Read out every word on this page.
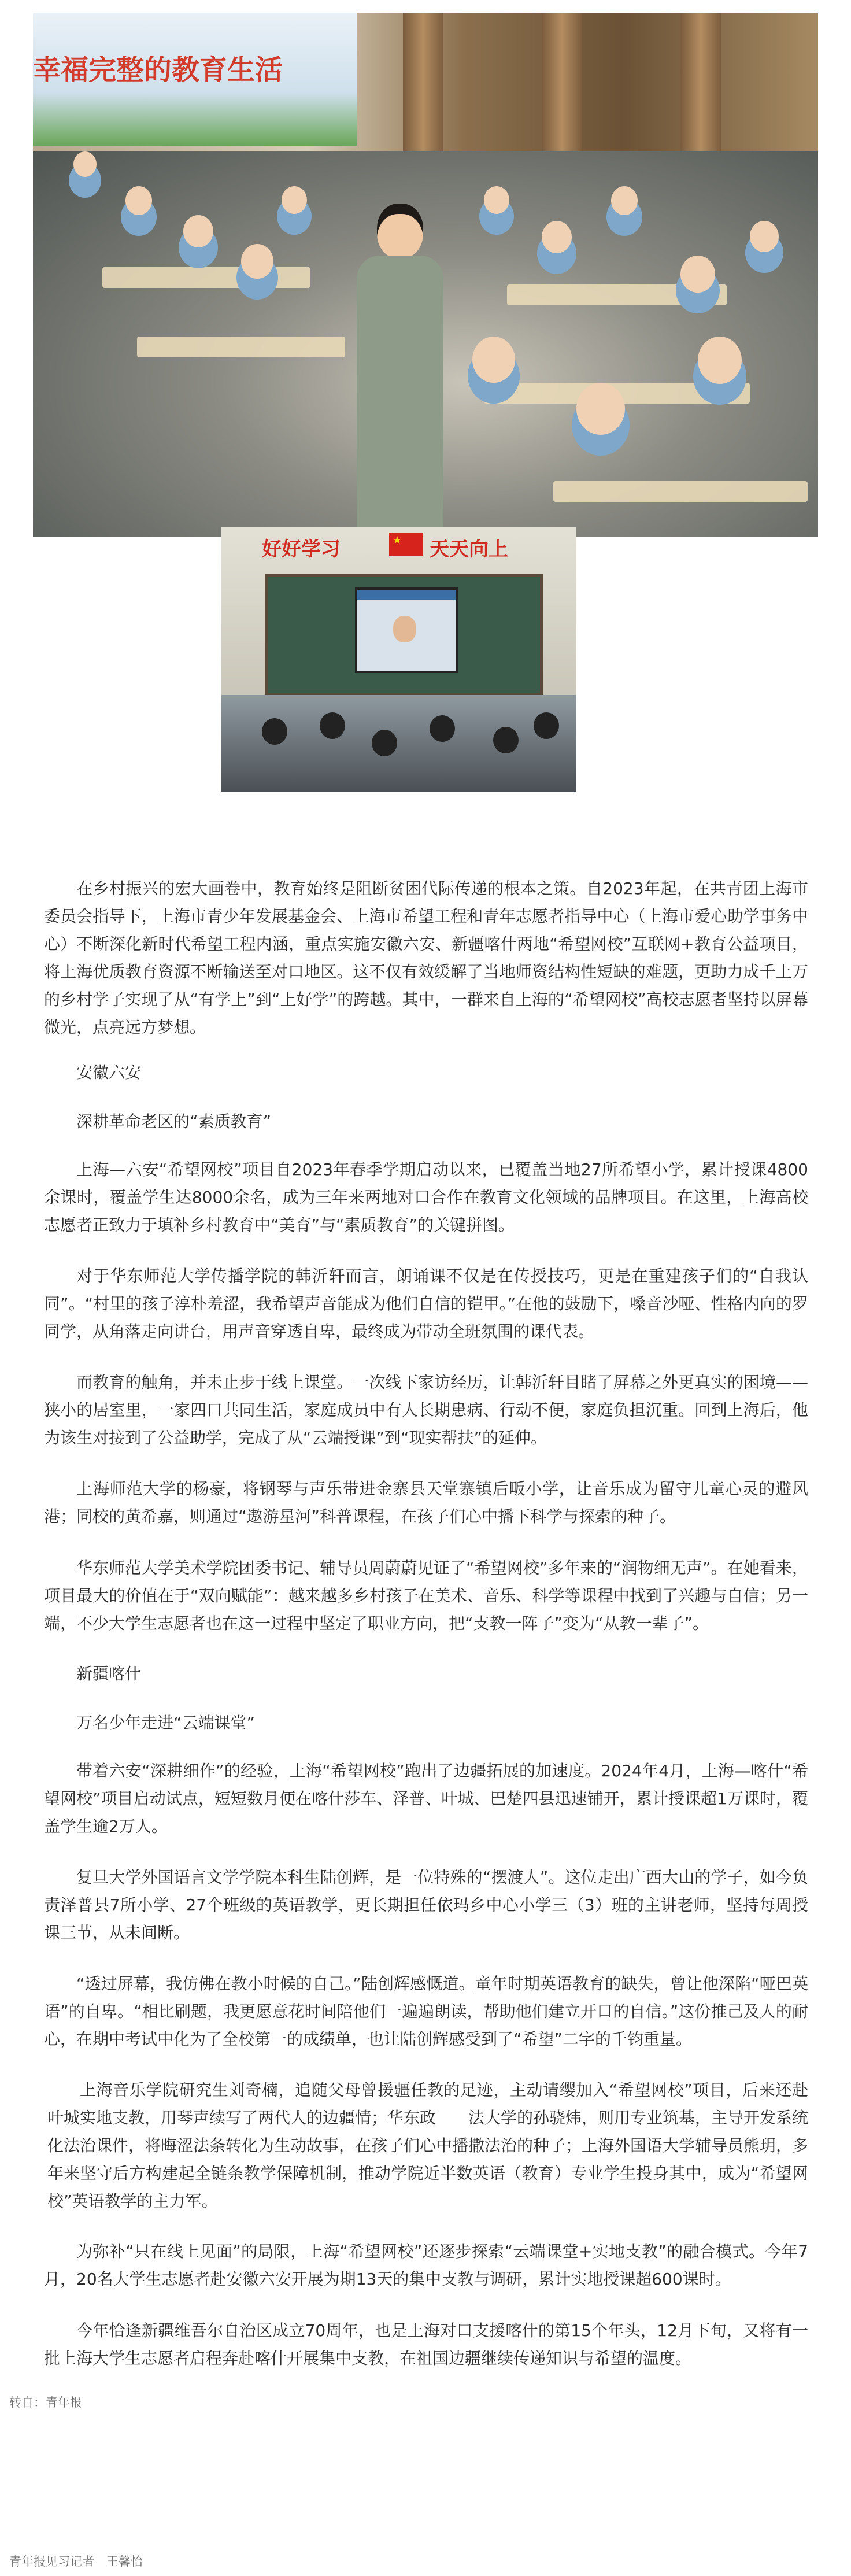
幸福完整的教育生活
好好学习
★	天天向上

在乡村振兴的宏大画卷中，教育始终是阻断贫困代际传递的根本之策。自2023年起，在共青团上海市委员会指导下，上海市青少年发展基金会、上海市希望工程和青年志愿者指导中心（上海市爱心助学事务中心）不断深化新时代希望工程内涵，重点实施安徽六安、新疆喀什两地“希望网校”互联网+教育公益项目，将上海优质教育资源不断输送至对口地区。这不仅有效缓解了当地师资结构性短缺的难题，更助力成千上万的乡村学子实现了从“有学上”到“上好学”的跨越。其中，一群来自上海的“希望网校”高校志愿者坚持以屏幕微光，点亮远方梦想。

安徽六安

深耕革命老区的“素质教育”

上海—六安“希望网校”项目自2023年春季学期启动以来，已覆盖当地27所希望小学，累计授课4800余课时，覆盖学生达8000余名，成为三年来两地对口合作在教育文化领域的品牌项目。在这里，上海高校志愿者正致力于填补乡村教育中“美育”与“素质教育”的关键拼图。

对于华东师范大学传播学院的韩沂轩而言，朗诵课不仅是在传授技巧，更是在重建孩子们的“自我认同”。“村里的孩子淳朴羞涩，我希望声音能成为他们自信的铠甲。”在他的鼓励下，嗓音沙哑、性格内向的罗同学，从角落走向讲台，用声音穿透自卑，最终成为带动全班氛围的课代表。

而教育的触角，并未止步于线上课堂。一次线下家访经历，让韩沂轩目睹了屏幕之外更真实的困境——狭小的居室里，一家四口共同生活，家庭成员中有人长期患病、行动不便，家庭负担沉重。回到上海后，他为该生对接到了公益助学，完成了从“云端授课”到“现实帮扶”的延伸。

上海师范大学的杨豪，将钢琴与声乐带进金寨县天堂寨镇后畈小学，让音乐成为留守儿童心灵的避风港；同校的黄希嘉，则通过“遨游星河”科普课程，在孩子们心中播下科学与探索的种子。

华东师范大学美术学院团委书记、辅导员周蔚蔚见证了“希望网校”多年来的“润物细无声”。在她看来，项目最大的价值在于“双向赋能”：越来越多乡村孩子在美术、音乐、科学等课程中找到了兴趣与自信；另一端，不少大学生志愿者也在这一过程中坚定了职业方向，把“支教一阵子”变为“从教一辈子”。

新疆喀什

万名少年走进“云端课堂”

带着六安“深耕细作”的经验，上海“希望网校”跑出了边疆拓展的加速度。2024年4月，上海—喀什“希望网校”项目启动试点，短短数月便在喀什莎车、泽普、叶城、巴楚四县迅速铺开，累计授课超1万课时，覆盖学生逾2万人。

复旦大学外国语言文学学院本科生陆创辉，是一位特殊的“摆渡人”。这位走出广西大山的学子，如今负责泽普县7所小学、27个班级的英语教学，更长期担任依玛乡中心小学三（3）班的主讲老师，坚持每周授课三节，从未间断。

“透过屏幕，我仿佛在教小时候的自己。”陆创辉感慨道。童年时期英语教育的缺失，曾让他深陷“哑巴英语”的自卑。“相比刷题，我更愿意花时间陪他们一遍遍朗读，帮助他们建立开口的自信。”这份推己及人的耐心，在期中考试中化为了全校第一的成绩单，也让陆创辉感受到了“希望”二字的千钧重量。

上海音乐学院研究生刘奇楠，追随父母曾援疆任教的足迹，主动请缨加入“希望网校”项目，后来还赴叶城实地支教，用琴声续写了两代人的边疆情；华东政　　法大学的孙骁炜，则用专业筑基，主导开发系统化法治课件，将晦涩法条转化为生动故事，在孩子们心中播撒法治的种子；上海外国语大学辅导员熊玥，多年来坚守后方构建起全链条教学保障机制，推动学院近半数英语（教育）专业学生投身其中，成为“希望网校”英语教学的主力军。

为弥补“只在线上见面”的局限，上海“希望网校”还逐步探索“云端课堂+实地支教”的融合模式。今年7月，20名大学生志愿者赴安徽六安开展为期13天的集中支教与调研，累计实地授课超600课时。

今年恰逢新疆维吾尔自治区成立70周年，也是上海对口支援喀什的第15个年头，12月下旬，又将有一批上海大学生志愿者启程奔赴喀什开展集中支教，在祖国边疆继续传递知识与希望的温度。

转自：青年报

青年报见习记者　王馨怡
